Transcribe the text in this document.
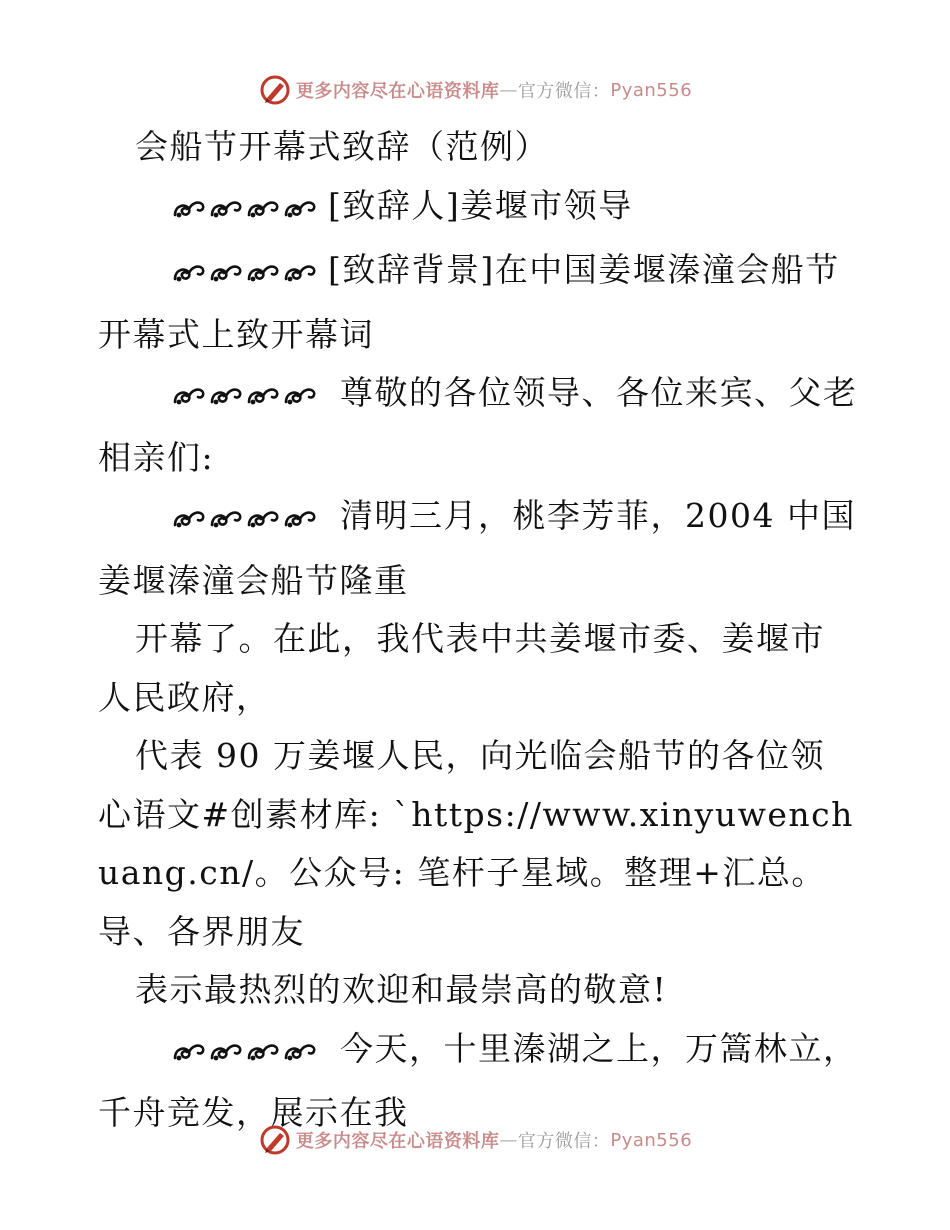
更多内容尽在心语资料库 — 官方微信： Pyan556

会船节开幕式致辞（范例）

[致辞人]姜堰市领导

[致辞背景]在中国姜堰溱潼会船节开幕式上致开幕词

尊敬的各位领导、各位来宾、父老相亲们:

清明三月，桃李芳菲，2004 中国姜堰溱潼会船节隆重

开幕了。在此，我代表中共姜堰市委、姜堰市人民政府，

代表 90 万姜堰人民，向光临会船节的各位领心语文#创素材库: `https://www.xinyuwenchuang.cn/。公众号: 笔杆子星域。整理+汇总。导、各界朋友

表示最热烈的欢迎和最崇高的敬意!

今天，十里溱湖之上，万篙林立，千舟竞发，展示在我

更多内容尽在心语资料库 — 官方微信： Pyan556
